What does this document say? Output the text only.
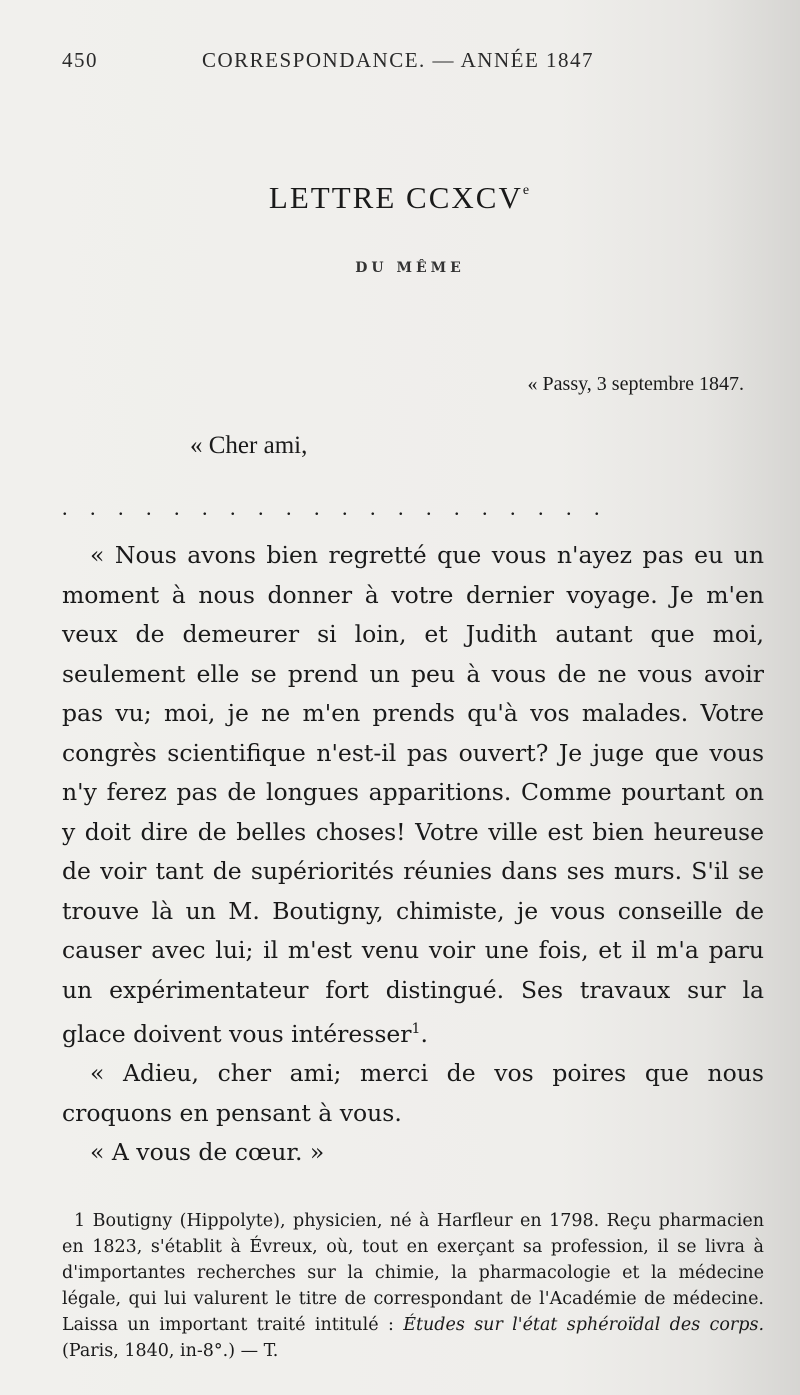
450	CORRESPONDANCE. — ANNÉE 1847
LETTRE CCXCVe
DU MÊME
« Passy, 3 septembre 1847.
« Cher ami,
....................

« Nous avons bien regretté que vous n'ayez pas eu un moment à nous donner à votre dernier voyage. Je m'en veux de demeurer si loin, et Judith autant que moi, seulement elle se prend un peu à vous de ne vous avoir pas vu; moi, je ne m'en prends qu'à vos malades. Votre congrès scientifique n'est-il pas ouvert? Je juge que vous n'y ferez pas de longues apparitions. Comme pourtant on y doit dire de belles choses! Votre ville est bien heureuse de voir tant de supériorités réunies dans ses murs. S'il se trouve là un M. Boutigny, chimiste, je vous conseille de causer avec lui; il m'est venu voir une fois, et il m'a paru un expérimentateur fort distingué. Ses travaux sur la glace doivent vous intéresser$^1$.

« Adieu, cher ami; merci de vos poires que nous croquons en pensant à vous.

« A vous de cœur. »

1 Boutigny (Hippolyte), physicien, né à Harfleur en 1798. Reçu pharmacien en 1823, s'établit à Évreux, où, tout en exerçant sa profession, il se livra à d'importantes recherches sur la chimie, la pharmacologie et la médecine légale, qui lui valurent le titre de correspondant de l'Académie de médecine. Laissa un important traité intitulé : Études sur l'état sphéroïdal des corps. (Paris, 1840, in-8°.) — T.
